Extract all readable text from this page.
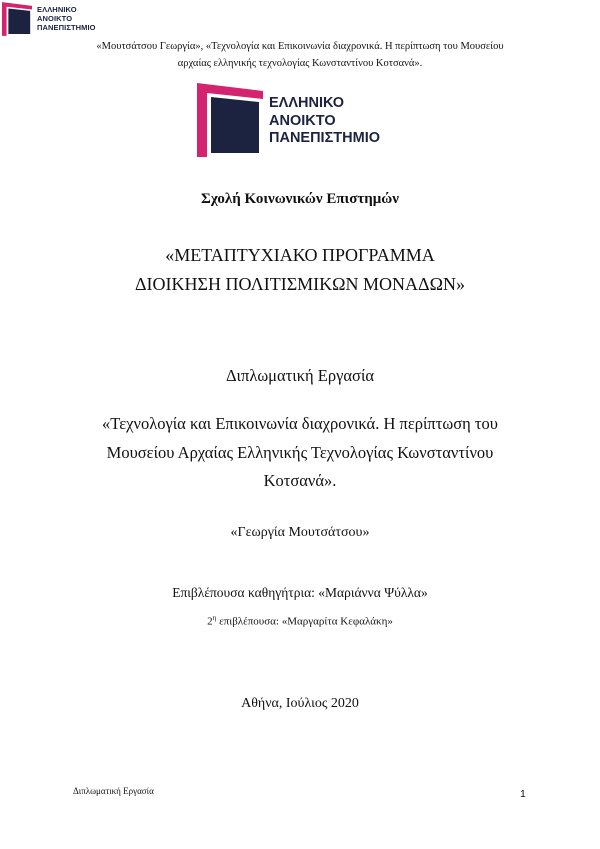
ΕΛΛΗΝΙΚΟ
ΑΝΟΙΚΤΟ
ΠΑΝΕΠΙΣΤΗΜΙΟ
«Μουτσάτσου Γεωργία», «Τεχνολογία και Επικοινωνία διαχρονικά. Η περίπτωση του Μουσείου
αρχαίας ελληνικής τεχνολογίας Κωνσταντίνου Κοτσανά».
ΕΛΛΗΝΙΚΟ
ΑΝΟΙΚΤΟ
ΠΑΝΕΠΙΣΤΗΜΙΟ
Σχολή Κοινωνικών Επιστημών
«ΜΕΤΑΠΤΥΧΙΑΚΟ ΠΡΟΓΡΑΜΜΑ
ΔΙΟΙΚΗΣΗ ΠΟΛΙΤΙΣΜΙΚΩΝ ΜΟΝΑΔΩΝ»
Διπλωματική Εργασία
«Τεχνολογία και Επικοινωνία διαχρονικά. Η περίπτωση του
Μουσείου Αρχαίας Ελληνικής Τεχνολογίας Κωνσταντίνου
Κοτσανά».
«Γεωργία Μουτσάτσου»
Επιβλέπουσα καθηγήτρια: «Μαριάννα Ψύλλα»
$2^\eta$ επιβλέπουσα: «Μαργαρίτα Κεφαλάκη»
Αθήνα, Ιούλιος 2020
Διπλωματική Εργασία	1
